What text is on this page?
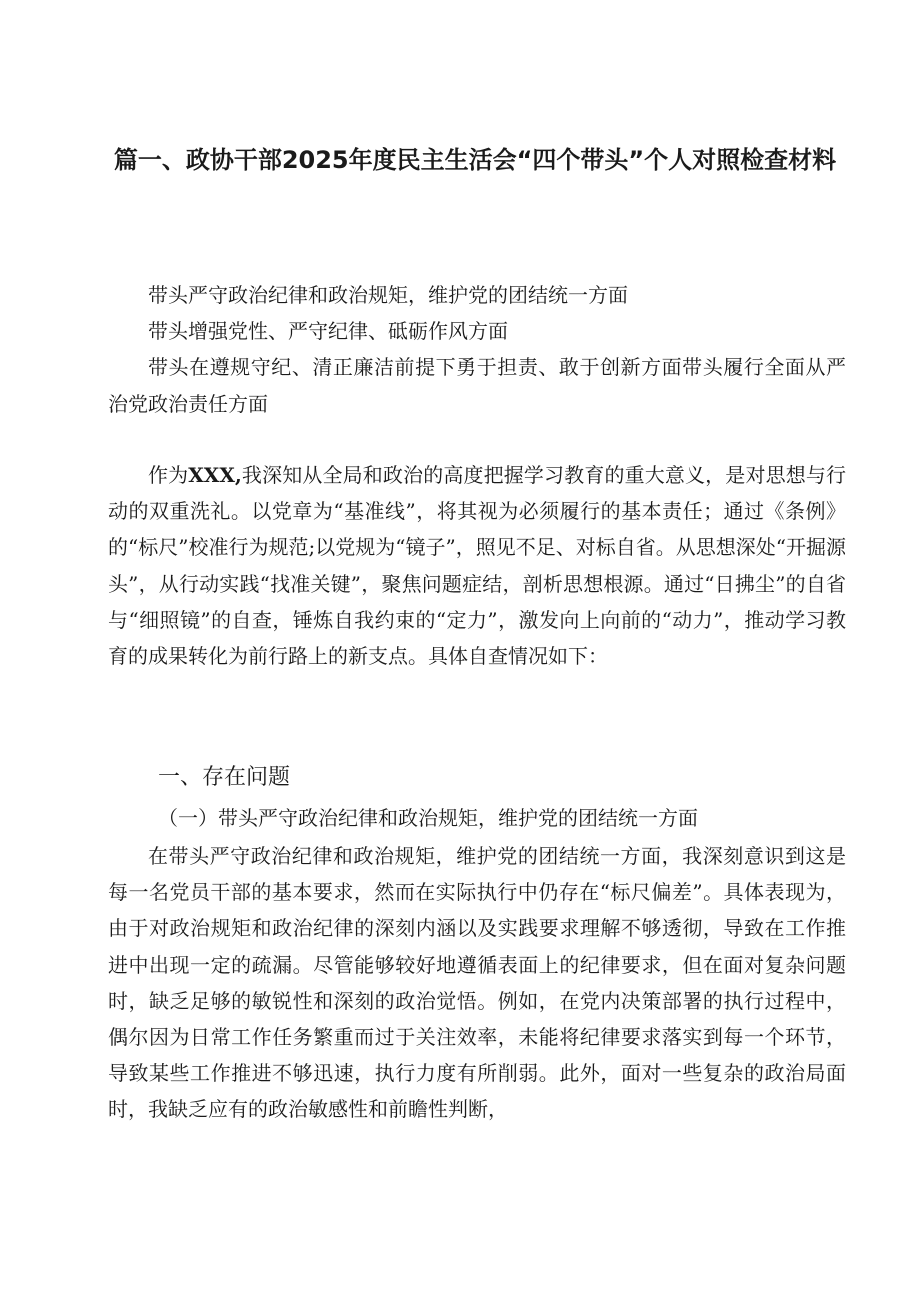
篇一、政协干部2025年度民主生活会“四个带头”个人对照检查材料

带头严守政治纪律和政治规矩，维护党的团结统一方面

带头增强党性、严守纪律、砥砺作风方面

带头在遵规守纪、清正廉洁前提下勇于担责、敢于创新方面带头履行全面从严治党政治责任方面

作为XXX,我深知从全局和政治的高度把握学习教育的重大意义，是对思想与行动的双重洗礼。以党章为“基准线”，将其视为必须履行的基本责任；通过《条例》的“标尺”校准行为规范;以党规为“镜子”，照见不足、对标自省。从思想深处“开掘源头”，从行动实践“找准关键”，聚焦问题症结，剖析思想根源。通过“日拂尘”的自省与“细照镜”的自查，锤炼自我约束的“定力”，激发向上向前的“动力”，推动学习教育的成果转化为前行路上的新支点。具体自查情况如下：

一、存在问题
（一）带头严守政治纪律和政治规矩，维护党的团结统一方面

在带头严守政治纪律和政治规矩，维护党的团结统一方面，我深刻意识到这是每一名党员干部的基本要求，然而在实际执行中仍存在“标尺偏差”。具体表现为，由于对政治规矩和政治纪律的深刻内涵以及实践要求理解不够透彻，导致在工作推进中出现一定的疏漏。尽管能够较好地遵循表面上的纪律要求，但在面对复杂问题时，缺乏足够的敏锐性和深刻的政治觉悟。例如，在党内决策部署的执行过程中，偶尔因为日常工作任务繁重而过于关注效率，未能将纪律要求落实到每一个环节，导致某些工作推进不够迅速，执行力度有所削弱。此外，面对一些复杂的政治局面时，我缺乏应有的政治敏感性和前瞻性判断，
